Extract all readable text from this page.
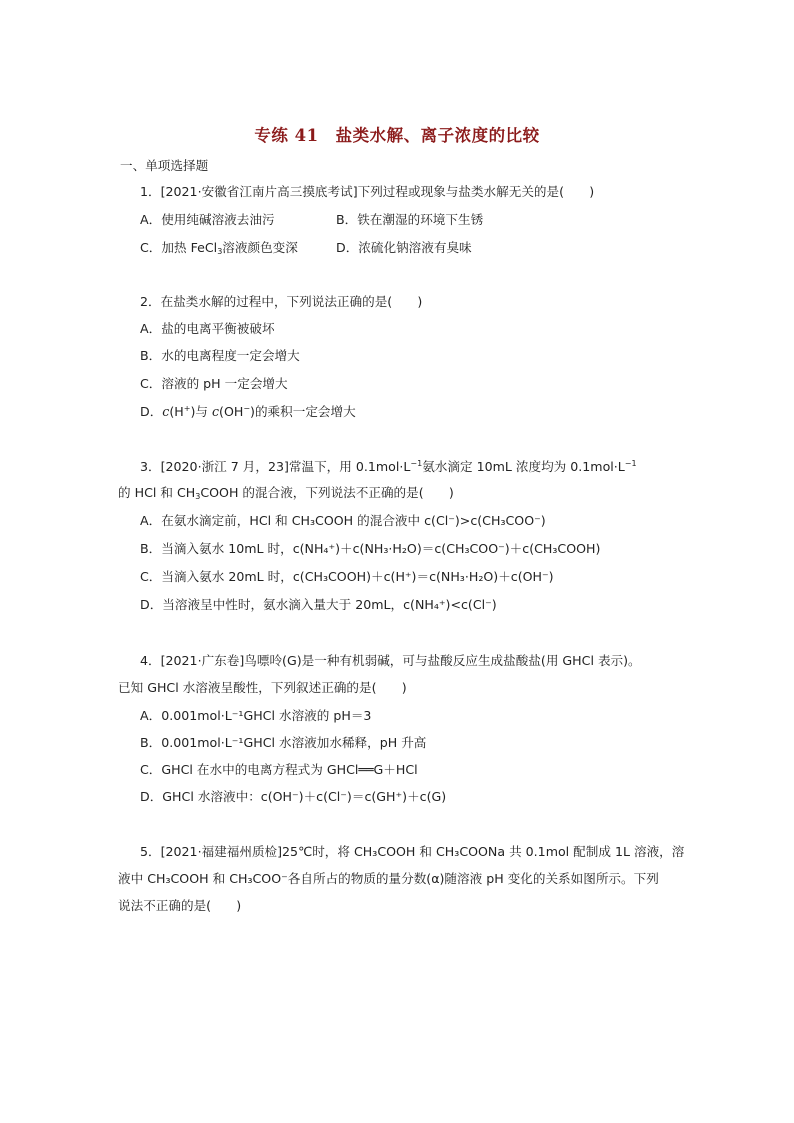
专练 41　盐类水解、离子浓度的比较
一、单项选择题
1．[2021·安徽省江南片高三摸底考试]下列过程或现象与盐类水解无关的是(　　)
A．使用纯碱溶液去油污	B．铁在潮湿的环境下生锈
C．加热 FeCl$_3$溶液颜色变深	D．浓硫化钠溶液有臭味
2．在盐类水解的过程中，下列说法正确的是(　　)
A．盐的电离平衡被破坏
B．水的电离程度一定会增大
C．溶液的 pH 一定会增大
D．c(H+)与 c(OH−)的乘积一定会增大
3．[2020·浙江 7 月，23]常温下，用 $0.1mol\cdot L^{-1}$氨水滴定 10mL 浓度均为 $0.1mol\cdot L^{-1}$
的 HCl 和 $CH_3COOH$ 的混合液，下列说法不正确的是(　　)
A．在氨水滴定前，HCl 和 CH₃COOH 的混合液中 c(Cl⁻)>c(CH₃COO⁻)
B．当滴入氨水 10mL 时，c(NH₄⁺)＋c(NH₃·H₂O)＝c(CH₃COO⁻)＋c(CH₃COOH)
C．当滴入氨水 20mL 时，c(CH₃COOH)＋c(H⁺)＝c(NH₃·H₂O)＋c(OH⁻)
D．当溶液呈中性时，氨水滴入量大于 20mL，c(NH₄⁺)<c(Cl⁻)
4．[2021·广东卷]鸟嘌呤(G)是一种有机弱碱，可与盐酸反应生成盐酸盐(用 GHCl 表示)。
已知 GHCl 水溶液呈酸性，下列叙述正确的是(　　)
A．0.001mol·L⁻¹GHCl 水溶液的 pH＝3
B．0.001mol·L⁻¹GHCl 水溶液加水稀释，pH 升高
C．GHCl 在水中的电离方程式为 GHCl══G＋HCl
D．GHCl 水溶液中：c(OH⁻)＋c(Cl⁻)＝c(GH⁺)＋c(G)
5．[2021·福建福州质检]25℃时，将 CH₃COOH 和 CH₃COONa 共 0.1mol 配制成 1L 溶液，溶
液中 CH₃COOH 和 CH₃COO⁻各自所占的物质的量分数(α)随溶液 pH 变化的关系如图所示。下列
说法不正确的是(　　)
